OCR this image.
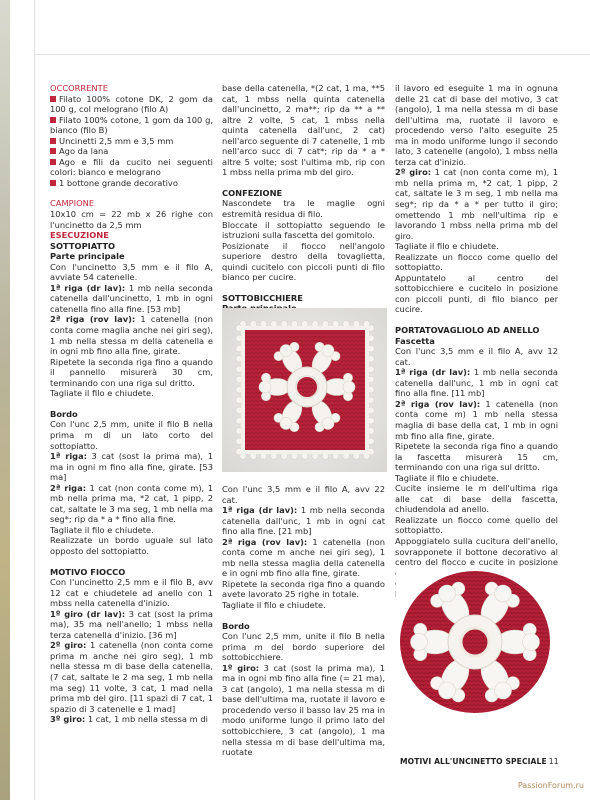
OCCORRENTE

Filato 100% cotone DK, 2 gom da 100 g, col melograno (filo A)

Filato 100% cotone, 1 gom da 100 g, bianco (filo B)

Uncinetti 2,5 mm e 3,5 mm

Ago da lana

Ago e fili da cucito nei seguenti colori: bianco e melograno

1 bottone grande decorativo

CAMPIONE

10x10 cm = 22 mb x 26 righe con l'uncinetto da 2,5 mm

ESECUZIONE

SOTTOPIATTO

Parte principale

Con l'uncinetto 3,5 mm e il filo A, avviate 54 catenelle.

1ª riga (dr lav): 1 mb nella seconda catenella dall'uncinetto, 1 mb in ogni catenella fino alla fine. [53 mb]

2ª riga (rov lav): 1 catenella (non conta come maglia anche nei giri seg), 1 mb nella stessa m della catenella e in ogni mb fino alla fine, girate.

Ripetete la seconda riga fino a quando il pannello misurerà 30 cm, terminando con una riga sul dritto.

Tagliate il filo e chiudete.

Bordo

Con l'unc 2,5 mm, unite il filo B nella prima m di un lato corto del sottopiatto.

1ª riga: 3 cat (sost la prima ma), 1 ma in ogni m fino alla fine, girate. [53 ma]

2ª riga: 1 cat (non conta come m), 1 mb nella prima ma, *2 cat, 1 pipp, 2 cat, saltate le 3 ma seg, 1 mb nella ma seg*; rip da * a * fino alla fine.

Tagliate il filo e chiudete.

Realizzate un bordo uguale sul lato opposto del sottopiatto.

MOTIVO FIOCCO

Con l'uncinetto 2,5 mm e il filo B, avv 12 cat e chiudetele ad anello con 1 mbss nella catenella d'inizio.

1º giro (dr lav): 3 cat (sost la prima ma), 35 ma nell'anello; 1 mbss nella terza catenella d'inizio. [36 m]

2º giro: 1 catenella (non conta come prima m anche nei giro seg), 1 mb nella stessa m di base della catenella, (7 cat, saltate le 2 ma seg, 1 mb nella ma seg) 11 volte, 3 cat, 1 mad nella prima mb del giro. [11 spazi di 7 cat, 1 spazio di 3 catenelle e 1 mad]

3º giro: 1 cat, 1 mb nella stessa m di

base della catenella, *(2 cat, 1 ma, **5 cat, 1 mbss nella quinta catenella dall'uncinetto, 2 ma**; rip da ** a ** altre 2 volte, 5 cat, 1 mbss nella quinta catenella dall'unc, 2 cat) nell'arco seguente di 7 catenelle, 1 mb nell'arco succ di 7 cat*; rip da * a * altre 5 volte; sost l'ultima mb, rip con 1 mbss nella prima mb del giro.

CONFEZIONE

Nascondete tra le maglie ogni estremità residua di filo.

Bloccate il sottopiatto seguendo le istruzioni sulla fascetta del gomitolo.

Posizionate il fiocco nell'angolo superiore destro della tovaglietta, quindi cucitelo con piccoli punti di filo bianco per cucire.

SOTTOBICCHIERE

Con l'unc 3,5 mm e il filo A, avv 22 cat.

1ª riga (dr lav): 1 mb nella seconda catenella dall'unc, 1 mb in ogni cat fino alla fine. [21 mb]

2ª riga (rov lav): 1 catenella (non conta come m anche nei giri seg), 1 mb nella stessa maglia della catenella e in ogni mb fino alla fine, girate.

Ripetete la seconda riga fino a quando avete lavorato 25 righe in totale.

Tagliate il filo e chiudete.

Bordo

Con l'unc 2,5 mm, unite il filo B nella prima m del bordo superiore del sottobicchiere.

1º giro: 3 cat (sost la prima ma), 1 ma in ogni mb fino alla fine (= 21 ma), 3 cat (angolo), 1 ma nella stessa m di base dell'ultima ma, ruotate il lavoro e procedendo verso il basso lav 25 ma in modo uniforme lungo il primo lato del sottobicchiere, 3 cat (angolo), 1 ma nella stessa m di base dell'ultima ma, ruotate

il lavoro ed eseguite 1 ma in ognuna delle 21 cat di base del motivo, 3 cat (angolo), 1 ma nella stessa m di base dell'ultima ma, ruotate il lavoro e procedendo verso l'alto eseguite 25 ma in modo uniforme lungo il secondo lato, 3 catenelle (angolo), 1 mbss nella terza cat d'inizio.

2º giro: 1 cat (non conta come m), 1 mb nella prima m, *2 cat, 1 pipp, 2 cat, saltate le 3 m seg, 1 mb nella ma seg*; rip da * a * per tutto il giro; omettendo 1 mb nell'ultima rip e lavorando 1 mbss nella prima mb del giro.

Tagliate il filo e chiudete.

Realizzate un fiocco come quello del sottopiatto.

Appuntatelo al centro del sottobicchiere e cucitelo in posizione con piccoli punti, di filo bianco per cucire.

PORTATOVAGLIOLO AD ANELLO

Fascetta

Con l'unc 3,5 mm e il filo A, avv 12 cat.

1ª riga (dr lav): 1 mb nella seconda catenella dall'unc, 1 mb in ogni cat fino alla fine. [11 mb]

2ª riga (rov lav): 1 catenella (non conta come m) 1 mb nella stessa maglia di base della cat, 1 mb in ogni mb fino alla fine, girate.

Ripetete la seconda riga fino a quando la fascetta misurerà 15 cm, terminando con una riga sul dritto.

Tagliate il filo e chiudete.

Cucite insieme le m dell'ultima riga alle cat di base della fascetta, chiudendola ad anello.

Realizzate un fiocco come quello del sottopiatto.

Appoggiatelo sulla cucitura dell'anello, sovrapponete il bottone decorativo al centro del fiocco e cucite in posizione

MOTIVI ALL'UNCINETTO SPECIALE 11
PassionForum.ru
